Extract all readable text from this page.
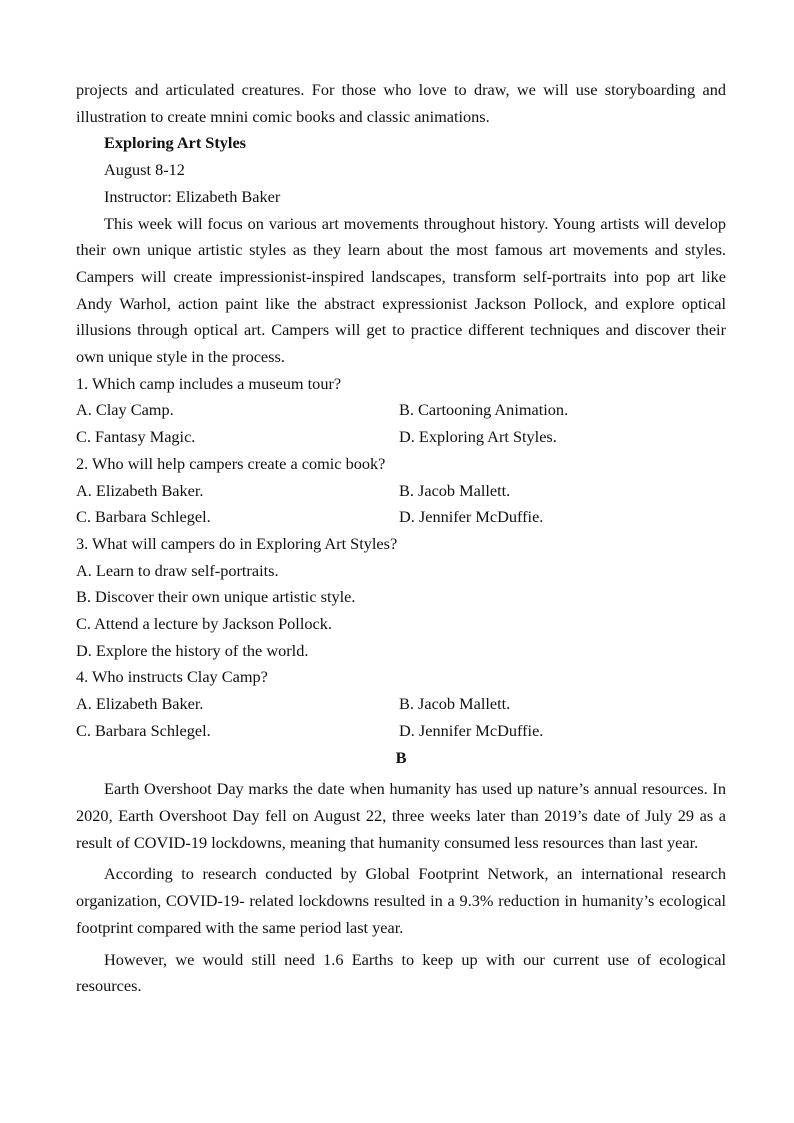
projects and articulated creatures. For those who love to draw, we will use storyboarding and illustration to create mnini comic books and classic animations.

Exploring Art Styles

August 8-12

Instructor: Elizabeth Baker

This week will focus on various art movements throughout history. Young artists will develop their own unique artistic styles as they learn about the most famous art movements and styles. Campers will create impressionist-inspired landscapes, transform self-portraits into pop art like Andy Warhol, action paint like the abstract expressionist Jackson Pollock, and explore optical illusions through optical art. Campers will get to practice different techniques and discover their own unique style in the process.

1. Which camp includes a museum tour?

A. Clay Camp.	B. Cartooning Animation.

C. Fantasy Magic.	D. Exploring Art Styles.

2. Who will help campers create a comic book?

A. Elizabeth Baker.	B. Jacob Mallett.

C. Barbara Schlegel.	D. Jennifer McDuffie.

3. What will campers do in Exploring Art Styles?

A. Learn to draw self-portraits.

B. Discover their own unique artistic style.

C. Attend a lecture by Jackson Pollock.

D. Explore the history of the world.

4. Who instructs Clay Camp?

A. Elizabeth Baker.	B. Jacob Mallett.

C. Barbara Schlegel.	D. Jennifer McDuffie.

B

Earth Overshoot Day marks the date when humanity has used up nature’s annual resources. In 2020, Earth Overshoot Day fell on August 22, three weeks later than 2019’s date of July 29 as a result of COVID-19 lockdowns, meaning that humanity consumed less resources than last year.

According to research conducted by Global Footprint Network, an international research organization, COVID-19- related lockdowns resulted in a 9.3% reduction in humanity’s ecological footprint compared with the same period last year.

However, we would still need 1.6 Earths to keep up with our current use of ecological resources.
